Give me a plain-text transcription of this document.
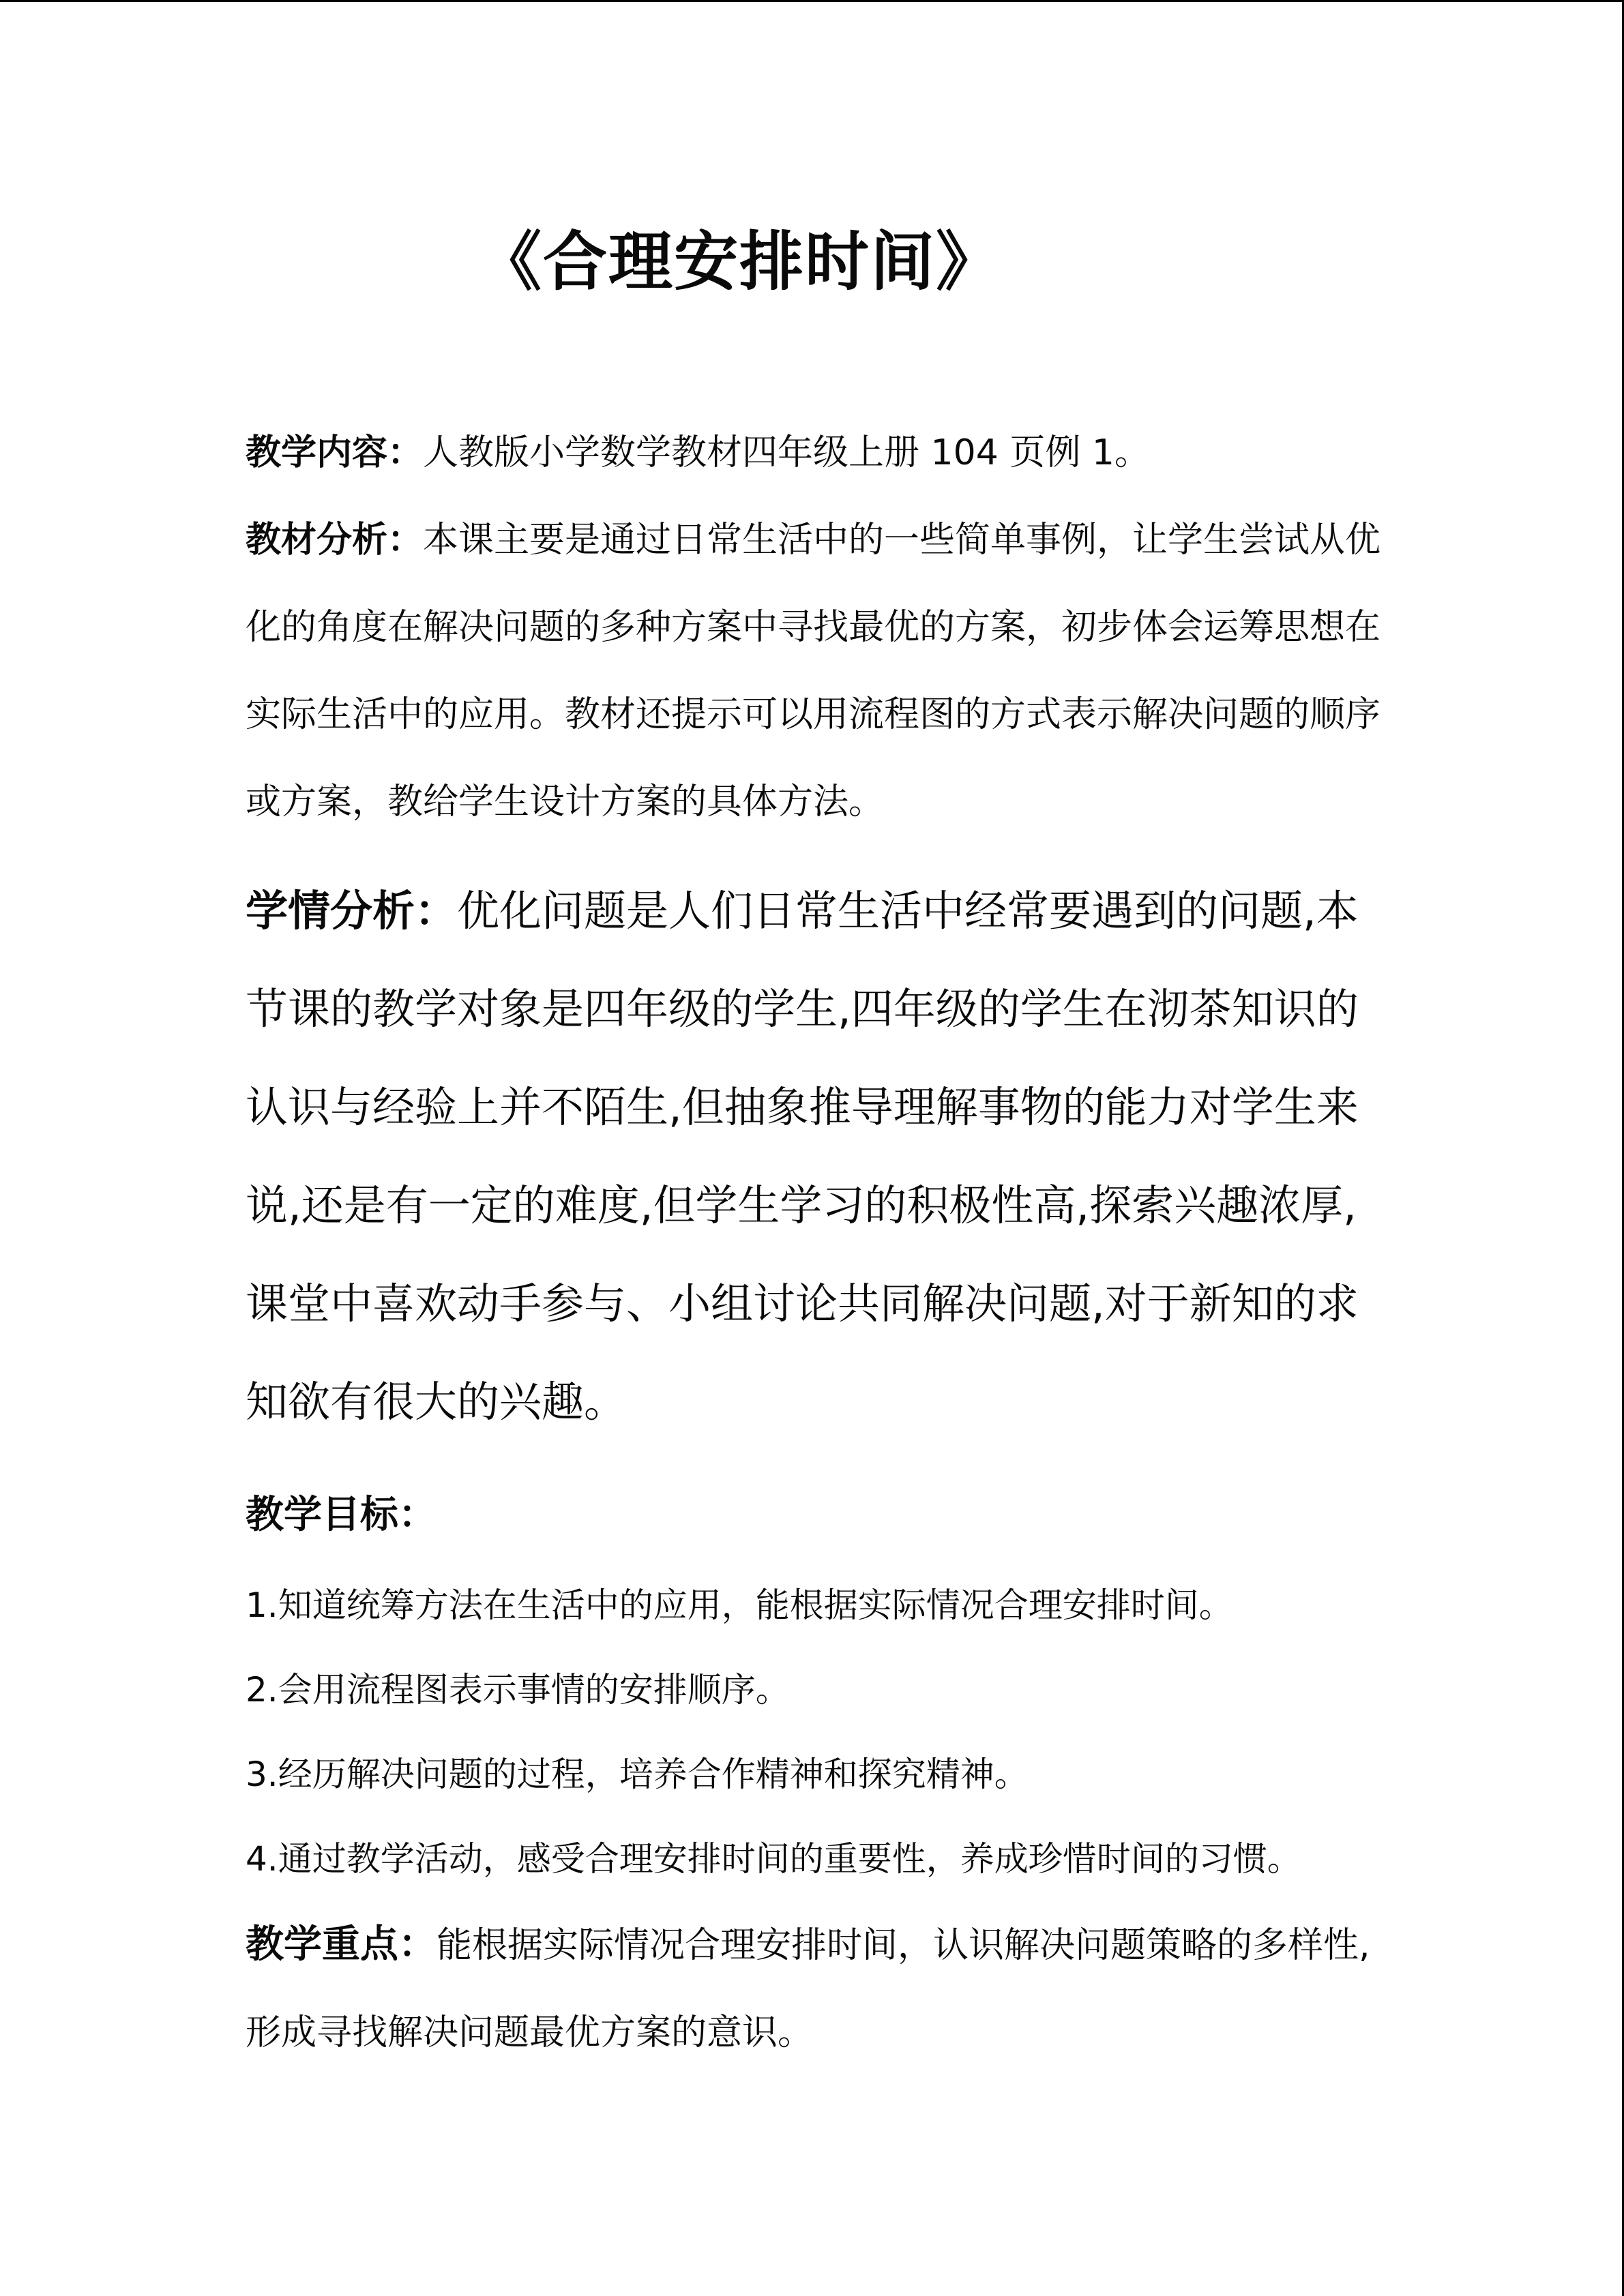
《合理安排时间》

教学内容：人教版小学数学教材四年级上册 104 页例 1。

教材分析：本课主要是通过日常生活中的一些简单事例，让学生尝试从优化的角度在解决问题的多种方案中寻找最优的方案，初步体会运筹思想在实际生活中的应用。教材还提示可以用流程图的方式表示解决问题的顺序或方案，教给学生设计方案的具体方法。

学情分析：优化问题是人们日常生活中经常要遇到的问题,本节课的教学对象是四年级的学生,四年级的学生在沏茶知识的认识与经验上并不陌生,但抽象推导理解事物的能力对学生来说,还是有一定的难度,但学生学习的积极性高,探索兴趣浓厚,课堂中喜欢动手参与、小组讨论共同解决问题,对于新知的求知欲有很大的兴趣。

教学目标：

1.知道统筹方法在生活中的应用，能根据实际情况合理安排时间。

2.会用流程图表示事情的安排顺序。

3.经历解决问题的过程，培养合作精神和探究精神。

4.通过教学活动，感受合理安排时间的重要性，养成珍惜时间的习惯。

教学重点：能根据实际情况合理安排时间，认识解决问题策略的多样性,形成寻找解决问题最优方案的意识。
